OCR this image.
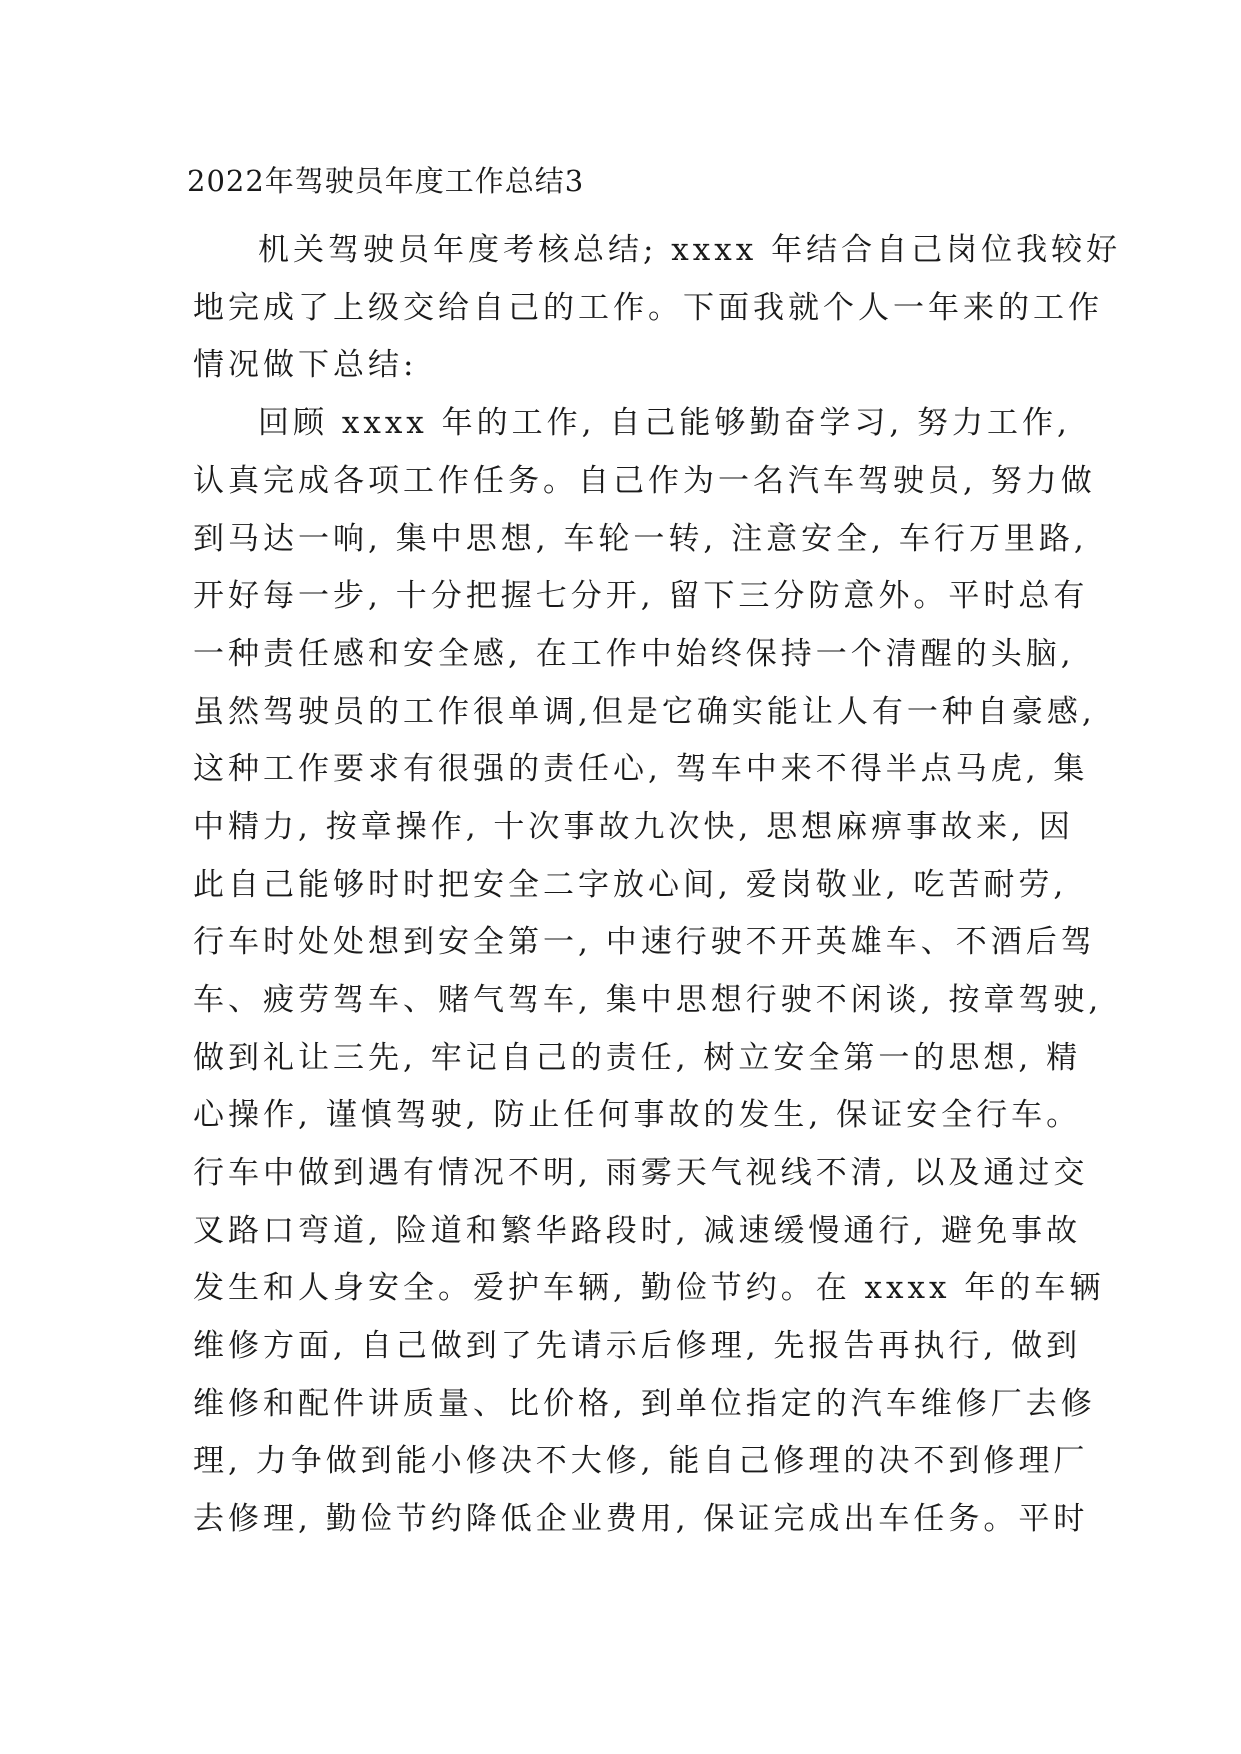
2022年驾驶员年度工作总结3
机关驾驶员年度考核总结; xxxx 年结合自己岗位我较好
地完成了上级交给自己的工作。下面我就个人一年来的工作
情况做下总结:
回顾 xxxx 年的工作, 自己能够勤奋学习, 努力工作,
认真完成各项工作任务。自己作为一名汽车驾驶员, 努力做
到马达一响, 集中思想, 车轮一转, 注意安全, 车行万里路,
开好每一步, 十分把握七分开, 留下三分防意外。平时总有
一种责任感和安全感, 在工作中始终保持一个清醒的头脑,
虽然驾驶员的工作很单调,但是它确实能让人有一种自豪感,
这种工作要求有很强的责任心, 驾车中来不得半点马虎, 集
中精力, 按章操作, 十次事故九次快, 思想麻痹事故来, 因
此自己能够时时把安全二字放心间, 爱岗敬业, 吃苦耐劳,
行车时处处想到安全第一, 中速行驶不开英雄车、不酒后驾
车、疲劳驾车、赌气驾车, 集中思想行驶不闲谈, 按章驾驶,
做到礼让三先, 牢记自己的责任, 树立安全第一的思想, 精
心操作, 谨慎驾驶, 防止任何事故的发生, 保证安全行车。
行车中做到遇有情况不明, 雨雾天气视线不清, 以及通过交
叉路口弯道, 险道和繁华路段时, 减速缓慢通行, 避免事故
发生和人身安全。爱护车辆, 勤俭节约。在 xxxx 年的车辆
维修方面, 自己做到了先请示后修理, 先报告再执行, 做到
维修和配件讲质量、比价格, 到单位指定的汽车维修厂去修
理, 力争做到能小修决不大修, 能自己修理的决不到修理厂
去修理, 勤俭节约降低企业费用, 保证完成出车任务。平时
